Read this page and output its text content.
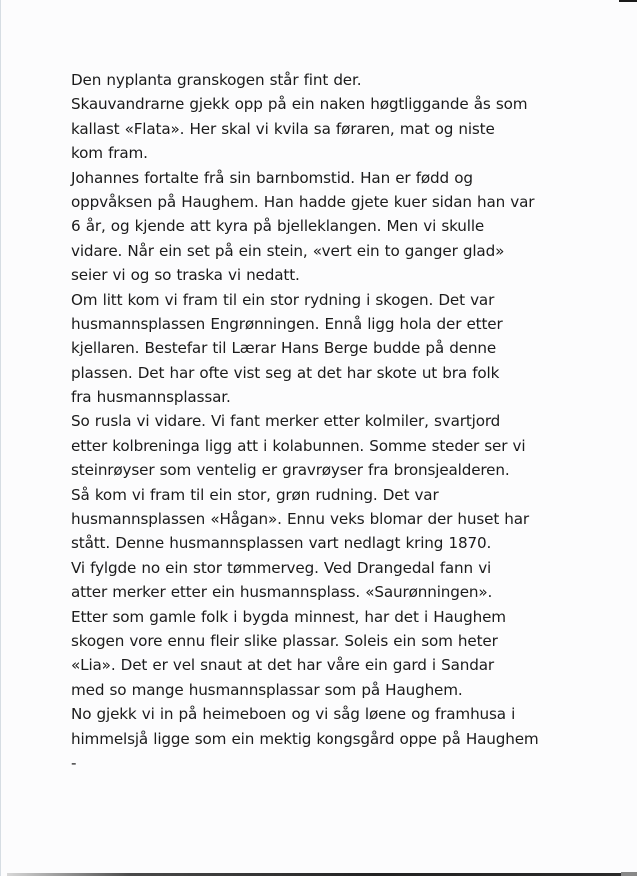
Den nyplanta granskogen står fint der.
Skauvandrarne gjekk opp på ein naken høgtliggande ås som
kallast «Flata». Her skal vi kvila sa føraren, mat og niste
kom fram.
Johannes fortalte frå sin barnbomstid. Han er fødd og
oppvåksen på Haughem. Han hadde gjete kuer sidan han var
6 år, og kjende att kyra på bjelleklangen. Men vi skulle
vidare. Når ein set på ein stein, «vert ein to ganger glad»
seier vi og so traska vi nedatt.
Om litt kom vi fram til ein stor rydning i skogen. Det var
husmannsplassen Engrønningen. Ennå ligg hola der etter
kjellaren. Bestefar til Lærar Hans Berge budde på denne
plassen. Det har ofte vist seg at det har skote ut bra folk
fra husmannsplassar.
So rusla vi vidare. Vi fant merker etter kolmiler, svartjord
etter kolbreninga ligg att i kolabunnen. Somme steder ser vi
steinrøyser som ventelig er gravrøyser fra bronsjealderen.
Så kom vi fram til ein stor, grøn rudning. Det var
husmannsplassen «Hågan». Ennu veks blomar der huset har
stått. Denne husmannsplassen vart nedlagt kring 1870.
Vi fylgde no ein stor tømmerveg. Ved Drangedal fann vi
atter merker etter ein husmannsplass. «Saurønningen».
Etter som gamle folk i bygda minnest, har det i Haughem
skogen vore ennu fleir slike plassar. Soleis ein som heter
«Lia». Det er vel snaut at det har våre ein gard i Sandar
med so mange husmannsplassar som på Haughem.
No gjekk vi in på heimeboen og vi såg løene og framhusa i
himmelsjå ligge som ein mektig kongsgård oppe på Haughem
-
